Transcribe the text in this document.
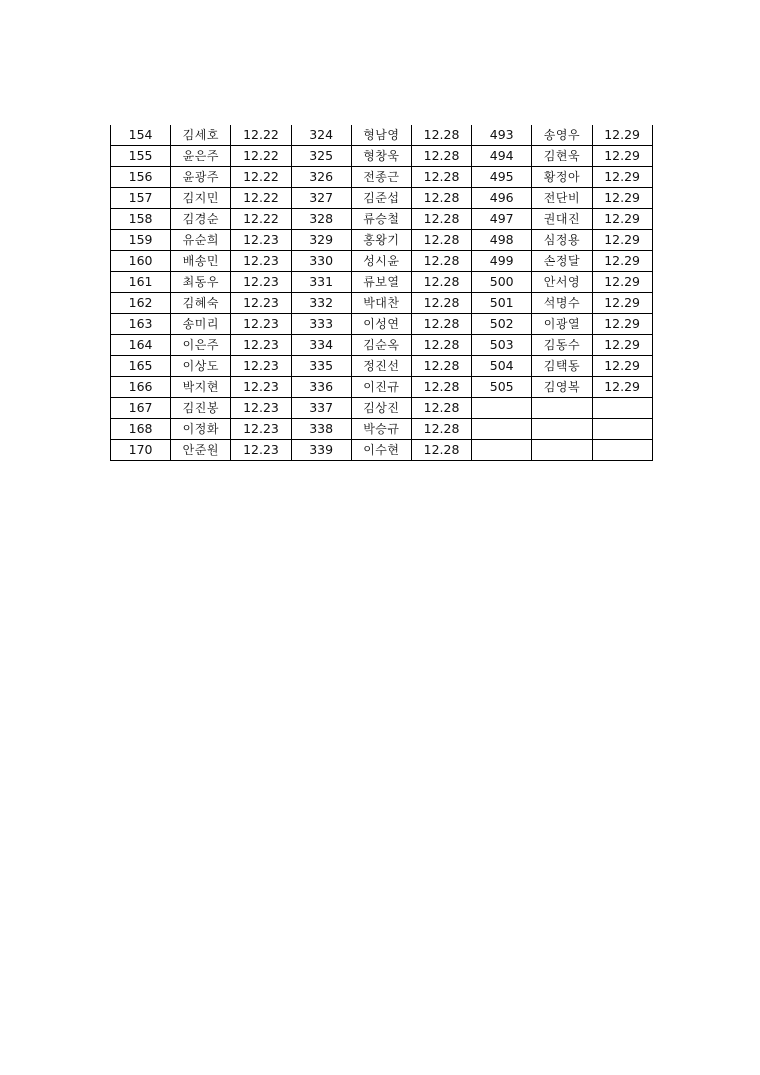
154	김세호	12.22	324	형남영	12.28	493	송영우	12.29
155	윤은주	12.22	325	형창욱	12.28	494	김현욱	12.29
156	윤광주	12.22	326	전종근	12.28	495	황정아	12.29
157	김지민	12.22	327	김준섭	12.28	496	전단비	12.29
158	김경순	12.22	328	류승철	12.28	497	권대진	12.29
159	유순희	12.23	329	홍왕기	12.28	498	심정용	12.29
160	배송민	12.23	330	성시윤	12.28	499	손정달	12.29
161	최동우	12.23	331	류보열	12.28	500	안서영	12.29
162	김혜숙	12.23	332	박대찬	12.28	501	석명수	12.29
163	송미리	12.23	333	이성연	12.28	502	이광열	12.29
164	이은주	12.23	334	김순옥	12.28	503	김동수	12.29
165	이상도	12.23	335	정진선	12.28	504	김택동	12.29
166	박지현	12.23	336	이진규	12.28	505	김영복	12.29
167	김진봉	12.23	337	김상진	12.28			
168	이정화	12.23	338	박승규	12.28			
170	안준원	12.23	339	이수현	12.28			
